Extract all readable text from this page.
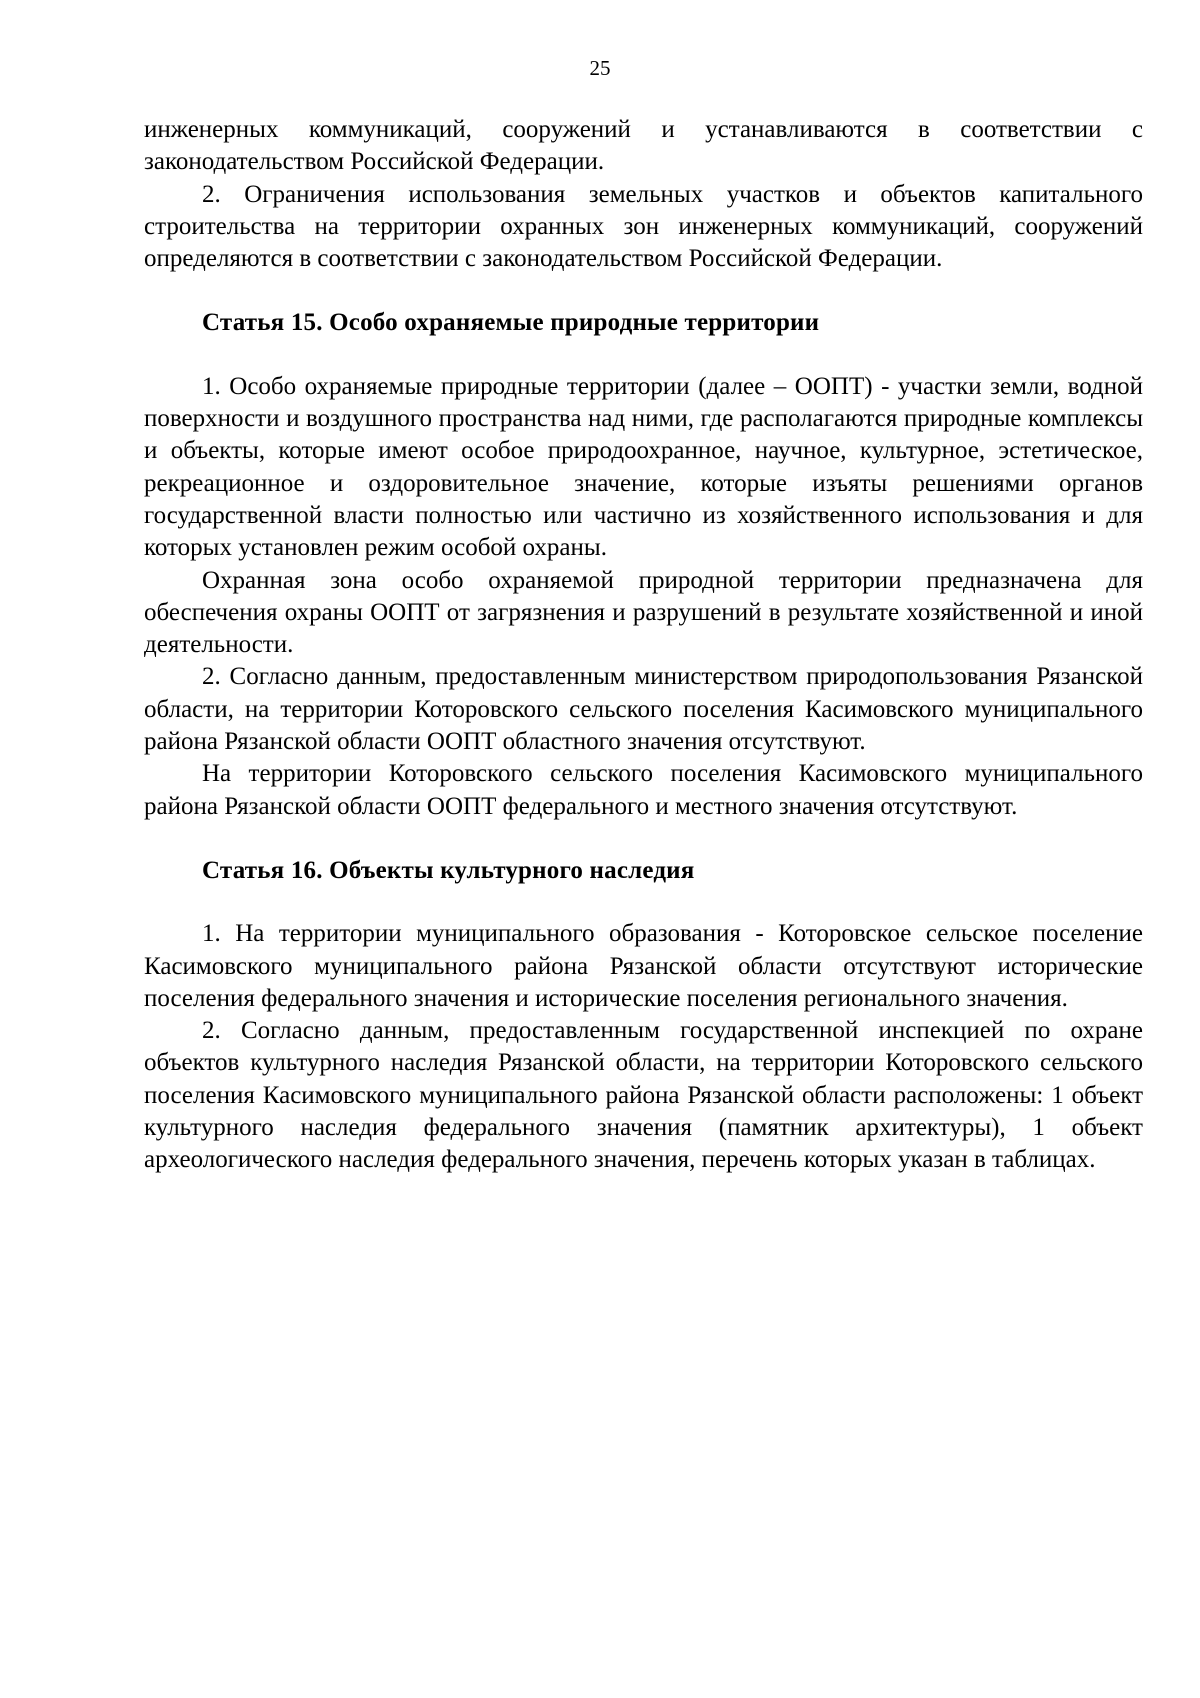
25

инженерных коммуникаций, сооружений и устанавливаются в соответствии с законодательством Российской Федерации.

2. Ограничения использования земельных участков и объектов капитального строительства на территории охранных зон инженерных коммуникаций, сооружений определяются в соответствии с законодательством Российской Федерации.

Статья 15. Особо охраняемые природные территории

1. Особо охраняемые природные территории (далее – ООПТ) - участки земли, водной поверхности и воздушного пространства над ними, где располагаются природные комплексы и объекты, которые имеют особое природоохранное, научное, культурное, эстетическое, рекреационное и оздоровительное значение, которые изъяты решениями органов государственной власти полностью или частично из хозяйственного использования и для которых установлен режим особой охраны.

Охранная зона особо охраняемой природной территории предназначена для обеспечения охраны ООПТ от загрязнения и разрушений в результате хозяйственной и иной деятельности.

2. Согласно данным, предоставленным министерством природопользования Рязанской области, на территории Которовского сельского поселения Касимовского муниципального района Рязанской области ООПТ областного значения отсутствуют.

На территории Которовского сельского поселения Касимовского муниципального района Рязанской области ООПТ федерального и местного значения отсутствуют.

Статья 16. Объекты культурного наследия

1. На территории муниципального образования - Которовское сельское поселение Касимовского муниципального района Рязанской области отсутствуют исторические поселения федерального значения и исторические поселения регионального значения.

2. Согласно данным, предоставленным государственной инспекцией по охране объектов культурного наследия Рязанской области, на территории Которовского сельского поселения Касимовского муниципального района Рязанской области расположены: 1 объект культурного наследия федерального значения (памятник архитектуры), 1 объект археологического наследия федерального значения, перечень которых указан в таблицах.
